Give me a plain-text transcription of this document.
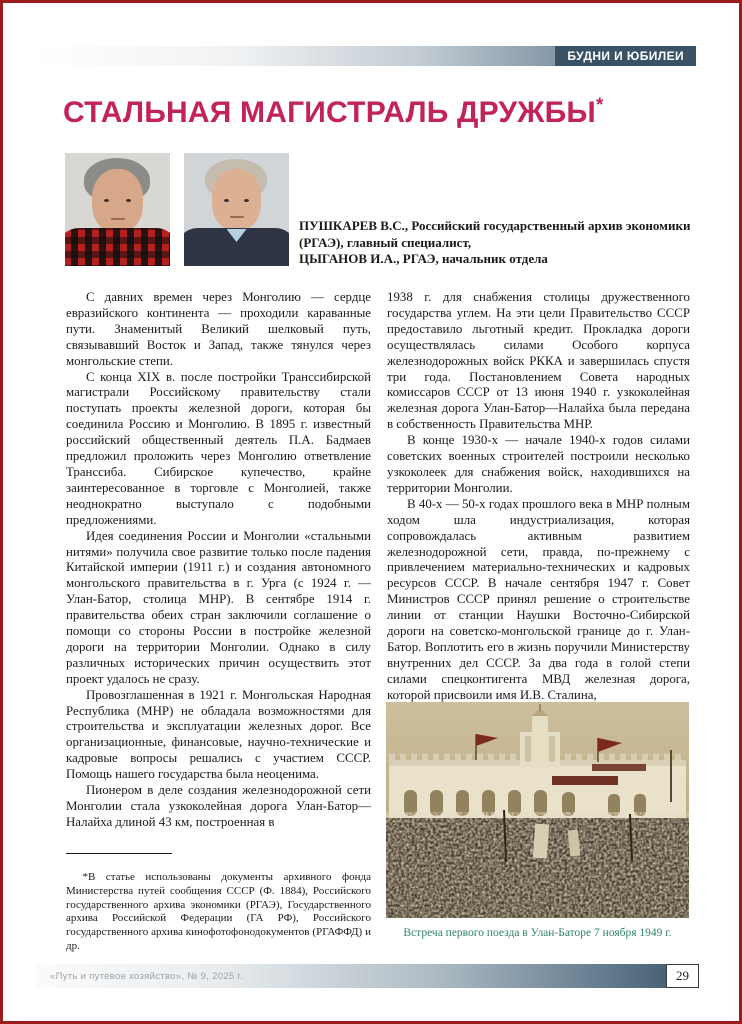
БУДНИ И ЮБИЛЕИ
СТАЛЬНАЯ МАГИСТРАЛЬ ДРУЖБЫ*
ПУШКАРЕВ В.С., Российский государственный архив экономики
(РГАЭ), главный специалист,
ЦЫГАНОВ И.А., РГАЭ, начальник отдела

С давних времен через Монголию — сердце евразийского континента — проходили караванные пути. Знаменитый Великий шелковый путь, связывавший Восток и Запад, также тянулся через монгольские степи.

С конца XIX в. после постройки Транссибирской магистрали Российскому правительству стали поступать проекты железной дороги, которая бы соединила Россию и Монголию. В 1895 г. известный российский общественный деятель П.А. Бадмаев предложил проложить через Монголию ответвление Транссиба. Сибирское купечество, крайне заинтересованное в торговле с Монголией, также неоднократно выступало с подобными предложениями.

Идея соединения России и Монголии «стальными нитями» получила свое развитие только после падения Китайской империи (1911 г.) и создания автономного монгольского правительства в г. Урга (с 1924 г. — Улан-Батор, столица МНР). В сентябре 1914 г. правительства обеих стран заключили соглашение о помощи со стороны России в постройке железной дороги на территории Монголии. Однако в силу различных исторических причин осуществить этот проект удалось не сразу.

Провозглашенная в 1921 г. Монгольская Народная Республика (МНР) не обладала возможностями для строительства и эксплуатации железных дорог. Все организационные, финансовые, научно-технические и кадровые вопросы решались с участием СССР. Помощь нашего государства была неоценима.

Пионером в деле создания железнодорожной сети Монголии стала узкоколейная дорога Улан-Батор—Налайха длиной 43 км, построенная в

1938 г. для снабжения столицы дружественного государства углем. На эти цели Правительство СССР предоставило льготный кредит. Прокладка дороги осуществлялась силами Особого корпуса железнодорожных войск РККА и завершилась спустя три года. Постановлением Совета народных комиссаров СССР от 13 июня 1940 г. узкоколейная железная дорога Улан-Батор—Налайха была передана в собственность Правительства МНР.

В конце 1930-х — начале 1940-х годов силами советских военных строителей построили несколько узкоколеек для снабжения войск, находившихся на территории Монголии.

В 40-х — 50-х годах прошлого века в МНР полным ходом шла индустриализация, которая сопровождалась активным развитием железнодорожной сети, правда, по-прежнему с привлечением материально-технических и кадровых ресурсов СССР. В начале сентября 1947 г. Совет Министров СССР принял решение о строительстве линии от станции Наушки Восточно-Сибирской дороги на советско-монгольской границе до г. Улан-Батор. Воплотить его в жизнь поручили Министерству внутренних дел СССР. За два года в голой степи силами спецконтигента МВД железная дорога, которой присвоили имя И.В. Сталина,

*В статье использованы документы архивного фонда Министерства путей сообщения СССР (Ф. 1884), Российского государственного архива экономики (РГАЭ), Государственного архива Российской Федерации (ГА РФ), Российского государственного архива кинофотофонодокументов (РГАФФД) и др.

Встреча первого поезда в Улан-Баторе 7 ноября 1949 г.
«Путь и путевое хозяйство», № 9, 2025 г.	29
